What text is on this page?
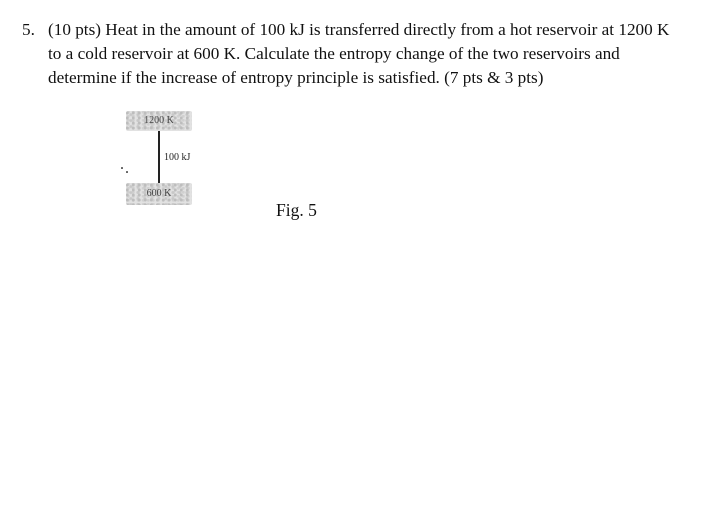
5. (10 pts) Heat in the amount of 100 kJ is transferred directly from a hot reservoir at 1200 K
to a cold reservoir at 600 K. Calculate the entropy change of the two reservoirs and
determine if the increase of entropy principle is satisfied. (7 pts & 3 pts)
1200 K
100 kJ
600 K
Fig. 5
